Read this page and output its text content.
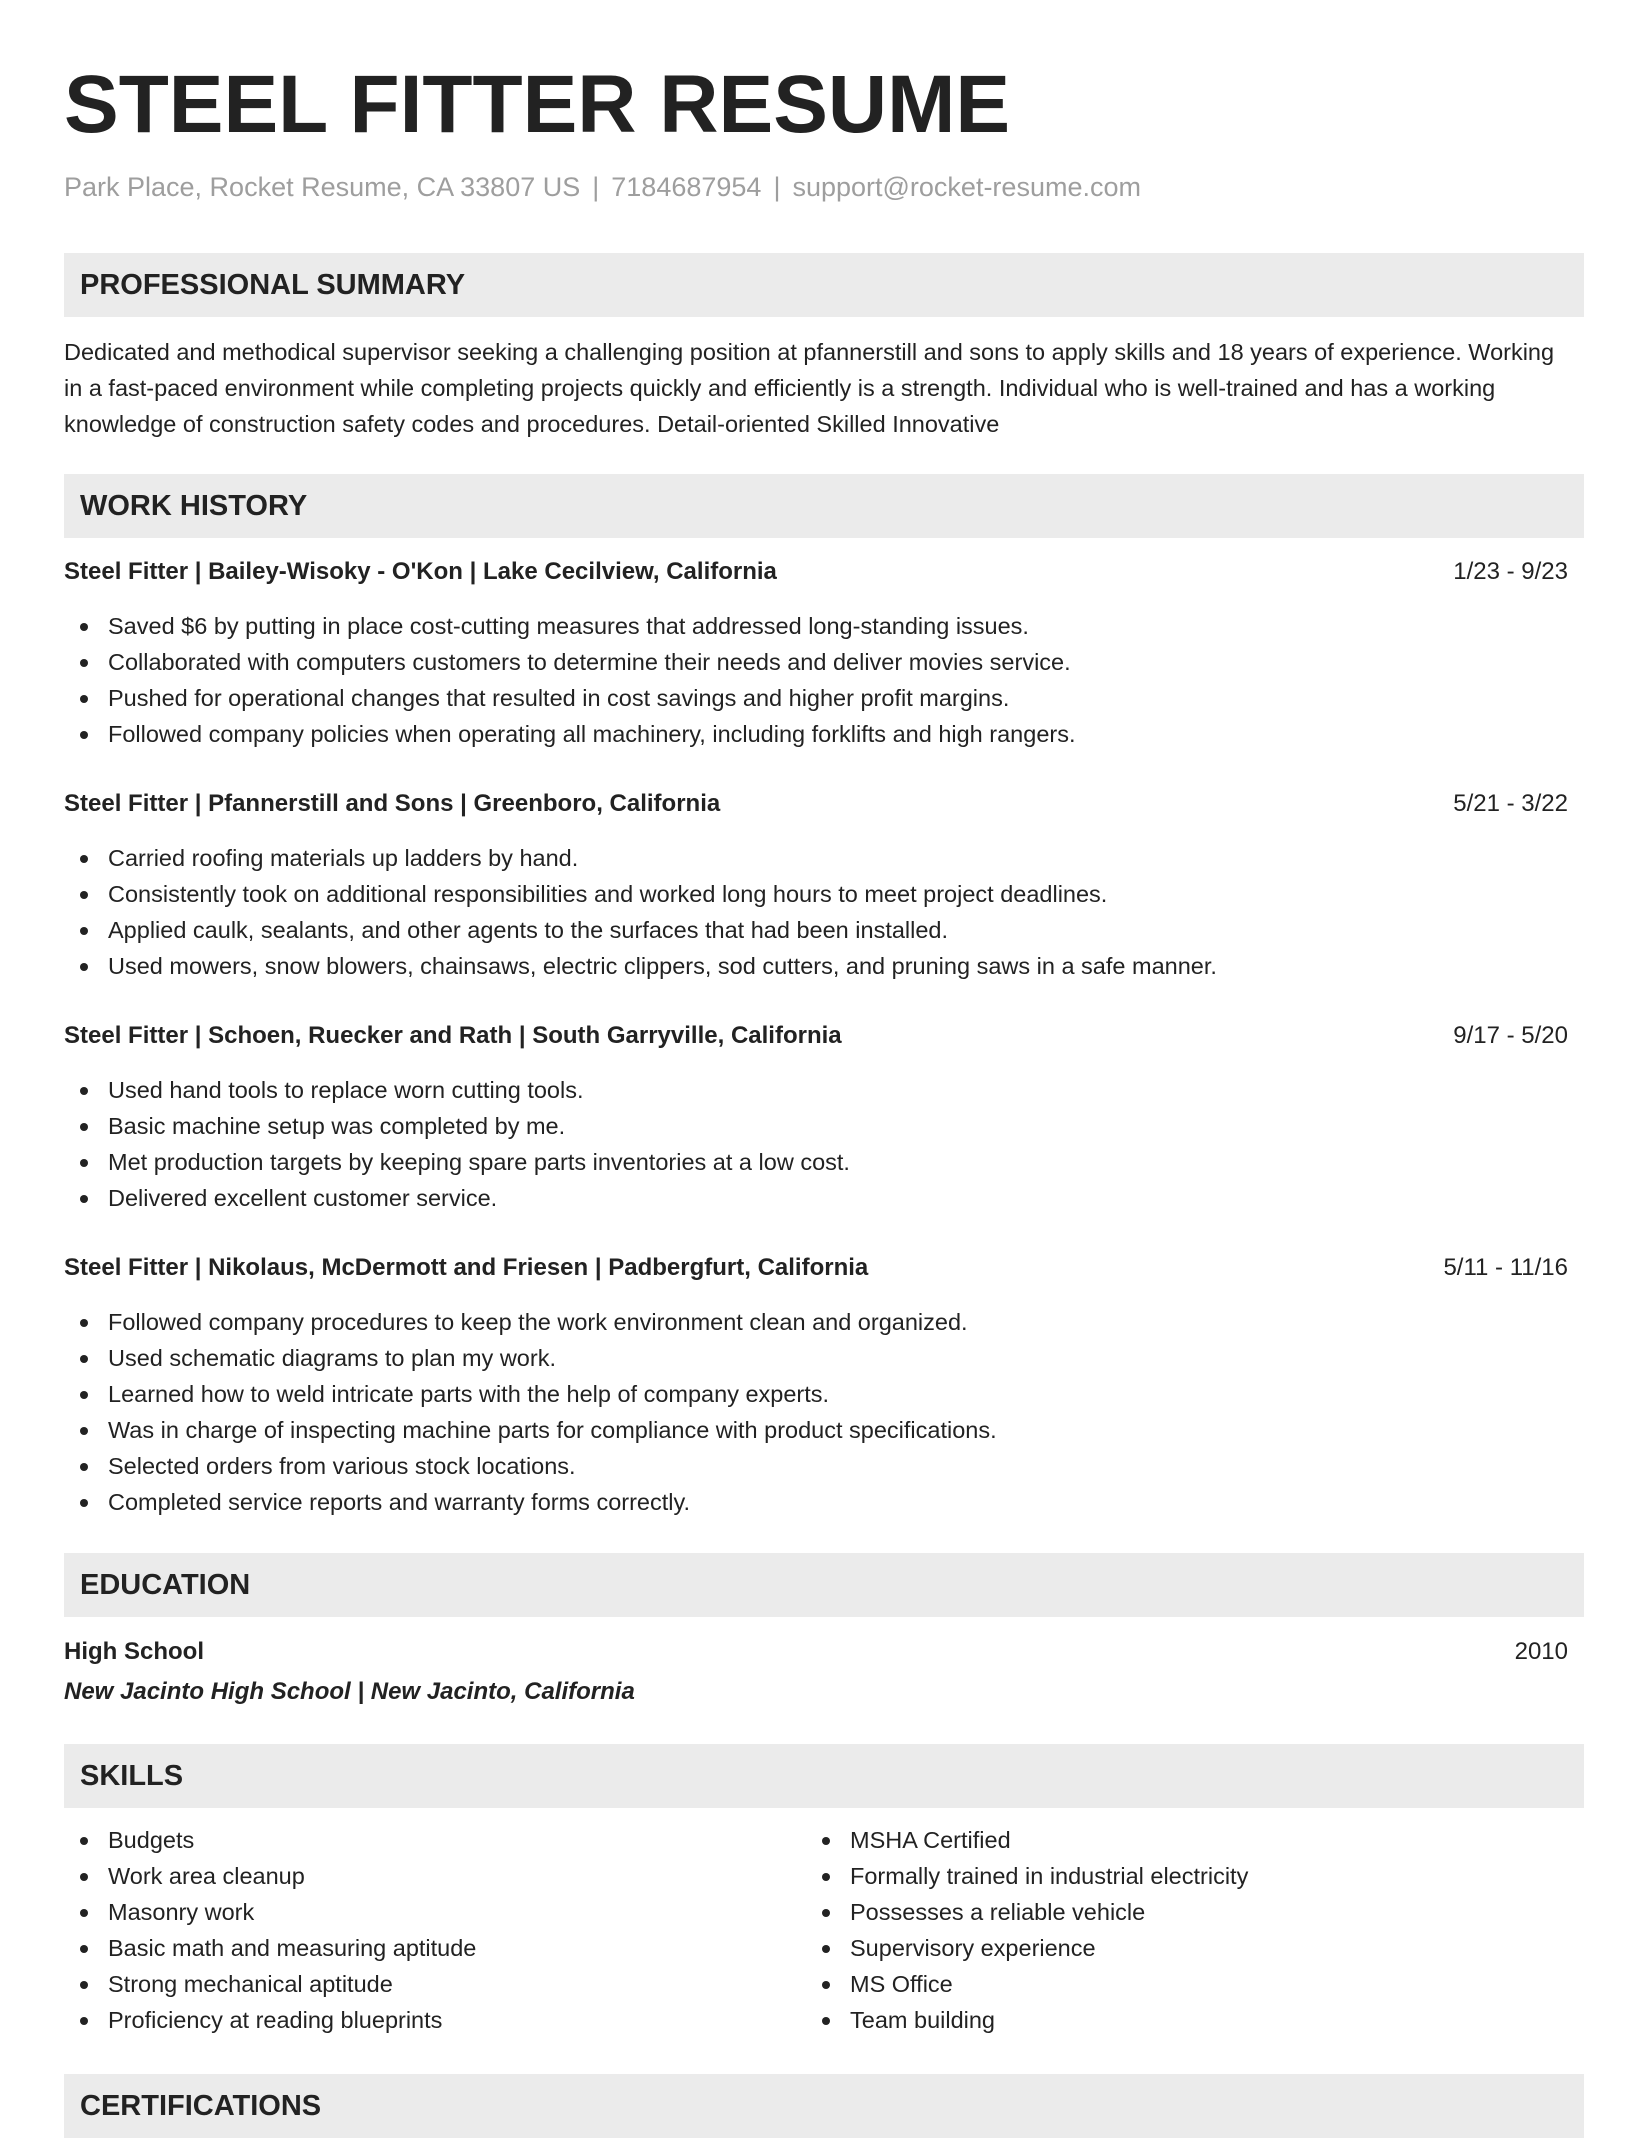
STEEL FITTER RESUME
Park Place, Rocket Resume, CA 33807 US | 7184687954 | support@rocket-resume.com
PROFESSIONAL SUMMARY

Dedicated and methodical supervisor seeking a challenging position at pfannerstill and sons to apply skills and 18 years of experience. Working in a fast-paced environment while completing projects quickly and efficiently is a strength. Individual who is well-trained and has a working knowledge of construction safety codes and procedures. Detail-oriented Skilled Innovative

WORK HISTORY
Steel Fitter | Bailey-Wisoky - O'Kon | Lake Cecilview, California	1/23 - 9/23
Saved $6 by putting in place cost-cutting measures that addressed long-standing issues.
Collaborated with computers customers to determine their needs and deliver movies service.
Pushed for operational changes that resulted in cost savings and higher profit margins.
Followed company policies when operating all machinery, including forklifts and high rangers.
Steel Fitter | Pfannerstill and Sons | Greenboro, California	5/21 - 3/22
Carried roofing materials up ladders by hand.
Consistently took on additional responsibilities and worked long hours to meet project deadlines.
Applied caulk, sealants, and other agents to the surfaces that had been installed.
Used mowers, snow blowers, chainsaws, electric clippers, sod cutters, and pruning saws in a safe manner.
Steel Fitter | Schoen, Ruecker and Rath | South Garryville, California	9/17 - 5/20
Used hand tools to replace worn cutting tools.
Basic machine setup was completed by me.
Met production targets by keeping spare parts inventories at a low cost.
Delivered excellent customer service.
Steel Fitter | Nikolaus, McDermott and Friesen | Padbergfurt, California	5/11 - 11/16
Followed company procedures to keep the work environment clean and organized.
Used schematic diagrams to plan my work.
Learned how to weld intricate parts with the help of company experts.
Was in charge of inspecting machine parts for compliance with product specifications.
Selected orders from various stock locations.
Completed service reports and warranty forms correctly.
EDUCATION
High School	2010
New Jacinto High School | New Jacinto, California
SKILLS
Budgets
Work area cleanup
Masonry work
Basic math and measuring aptitude
Strong mechanical aptitude
Proficiency at reading blueprints
MSHA Certified
Formally trained in industrial electricity
Possesses a reliable vehicle
Supervisory experience
MS Office
Team building
CERTIFICATIONS
